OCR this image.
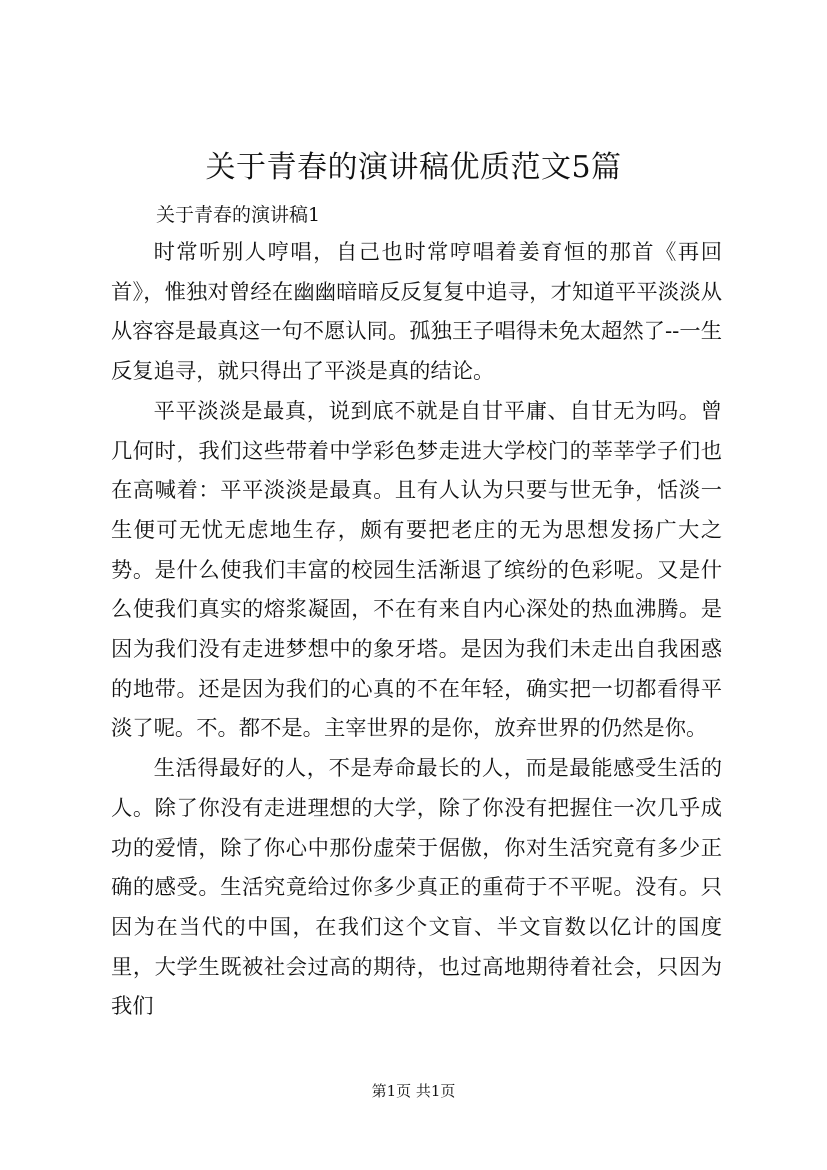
关于青春的演讲稿优质范文5篇
关于青春的演讲稿1

时常听别人哼唱，自己也时常哼唱着姜育恒的那首《再回首》，惟独对曾经在幽幽暗暗反反复复中追寻，才知道平平淡淡从从容容是最真这一句不愿认同。孤独王子唱得未免太超然了--一生反复追寻，就只得出了平淡是真的结论。

平平淡淡是最真，说到底不就是自甘平庸、自甘无为吗。曾几何时，我们这些带着中学彩色梦走进大学校门的莘莘学子们也在高喊着：平平淡淡是最真。且有人认为只要与世无争，恬淡一生便可无忧无虑地生存，颇有要把老庄的无为思想发扬广大之势。是什么使我们丰富的校园生活渐退了缤纷的色彩呢。又是什么使我们真实的熔浆凝固，不在有来自内心深处的热血沸腾。是因为我们没有走进梦想中的象牙塔。是因为我们未走出自我困惑的地带。还是因为我们的心真的不在年轻，确实把一切都看得平淡了呢。不。都不是。主宰世界的是你，放弃世界的仍然是你。

生活得最好的人，不是寿命最长的人，而是最能感受生活的人。除了你没有走进理想的大学，除了你没有把握住一次几乎成功的爱情，除了你心中那份虚荣于倨傲，你对生活究竟有多少正确的感受。生活究竟给过你多少真正的重荷于不平呢。没有。只因为在当代的中国，在我们这个文盲、半文盲数以亿计的国度里，大学生既被社会过高的期待，也过高地期待着社会，只因为我们

第1页 共1页
